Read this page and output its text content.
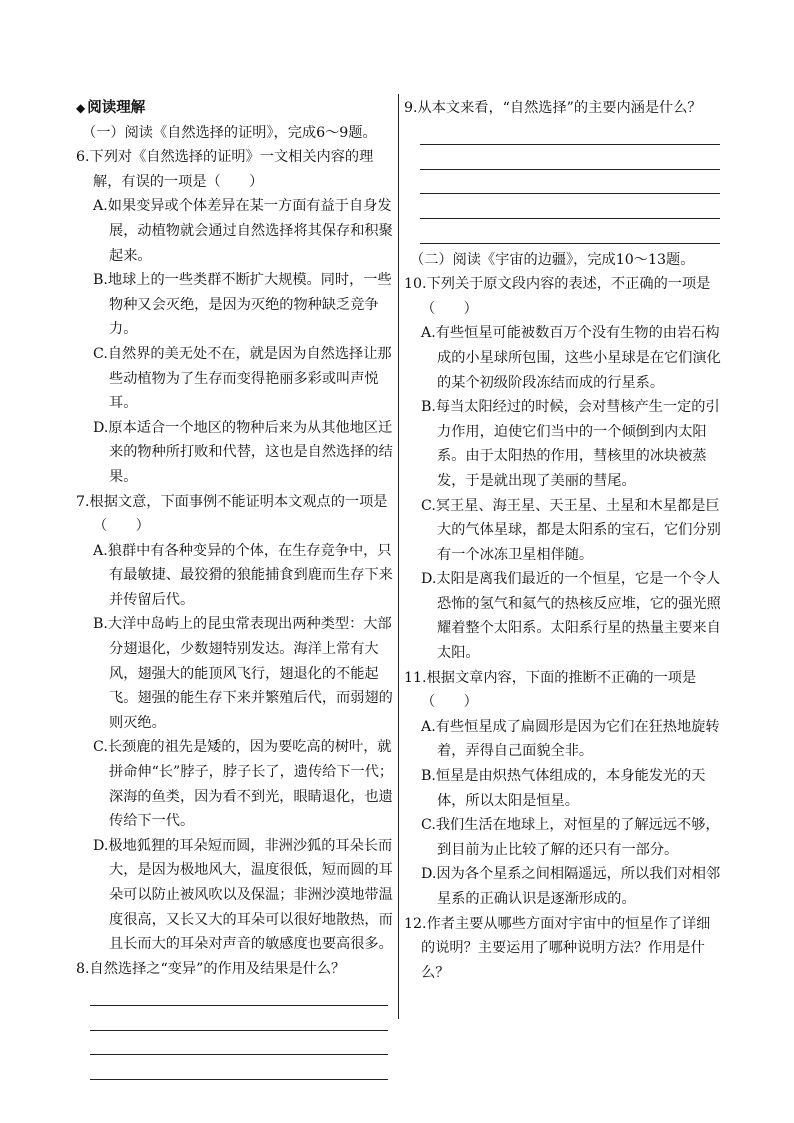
◆ 阅读理解
（一）阅读《自然选择的证明》，完成6～9题。
6.下列对《自然选择的证明》一文相关内容的理解，有误的一项是（　　）
A.如果变异或个体差异在某一方面有益于自身发展，动植物就会通过自然选择将其保存和积聚起来。
B.地球上的一些类群不断扩大规模。同时，一些物种又会灭绝，是因为灭绝的物种缺乏竞争力。
C.自然界的美无处不在，就是因为自然选择让那些动植物为了生存而变得艳丽多彩或叫声悦耳。
D.原本适合一个地区的物种后来为从其他地区迁来的物种所打败和代替，这也是自然选择的结果。
7.根据文意，下面事例不能证明本文观点的一项是（　　）
A.狼群中有各种变异的个体，在生存竞争中，只有最敏捷、最狡猾的狼能捕食到鹿而生存下来并传留后代。
B.大洋中岛屿上的昆虫常表现出两种类型：大部分翅退化，少数翅特别发达。海洋上常有大风，翅强大的能顶风飞行，翅退化的不能起飞。翅强的能生存下来并繁殖后代，而弱翅的则灭绝。
C.长颈鹿的祖先是矮的，因为要吃高的树叶，就拼命伸“长”脖子，脖子长了，遗传给下一代；深海的鱼类，因为看不到光，眼睛退化，也遗传给下一代。
D.极地狐狸的耳朵短而圆，非洲沙狐的耳朵长而大，是因为极地风大，温度很低，短而圆的耳朵可以防止被风吹以及保温；非洲沙漠地带温度很高，又长又大的耳朵可以很好地散热，而且长而大的耳朵对声音的敏感度也要高很多。
8.自然选择之“变异”的作用及结果是什么？
9.从本文来看，“自然选择”的主要内涵是什么？
（二）阅读《宇宙的边疆》，完成10～13题。
10.下列关于原文段内容的表述，不正确的一项是（　　）
A.有些恒星可能被数百万个没有生物的由岩石构成的小星球所包围，这些小星球是在它们演化的某个初级阶段冻结而成的行星系。
B.每当太阳经过的时候，会对彗核产生一定的引力作用，迫使它们当中的一个倾倒到内太阳系。由于太阳热的作用，彗核里的冰块被蒸发，于是就出现了美丽的彗尾。
C.冥王星、海王星、天王星、土星和木星都是巨大的气体星球，都是太阳系的宝石，它们分别有一个冰冻卫星相伴随。
D.太阳是离我们最近的一个恒星，它是一个令人恐怖的氢气和氦气的热核反应堆，它的强光照耀着整个太阳系。太阳系行星的热量主要来自太阳。
11.根据文章内容，下面的推断不正确的一项是（　　）
A.有些恒星成了扁圆形是因为它们在狂热地旋转着，弄得自己面貌全非。
B.恒星是由炽热气体组成的，本身能发光的天体，所以太阳是恒星。
C.我们生活在地球上，对恒星的了解远远不够，到目前为止比较了解的还只有一部分。
D.因为各个星系之间相隔遥远，所以我们对相邻星系的正确认识是逐渐形成的。
12.作者主要从哪些方面对宇宙中的恒星作了详细的说明？主要运用了哪种说明方法？作用是什么？
